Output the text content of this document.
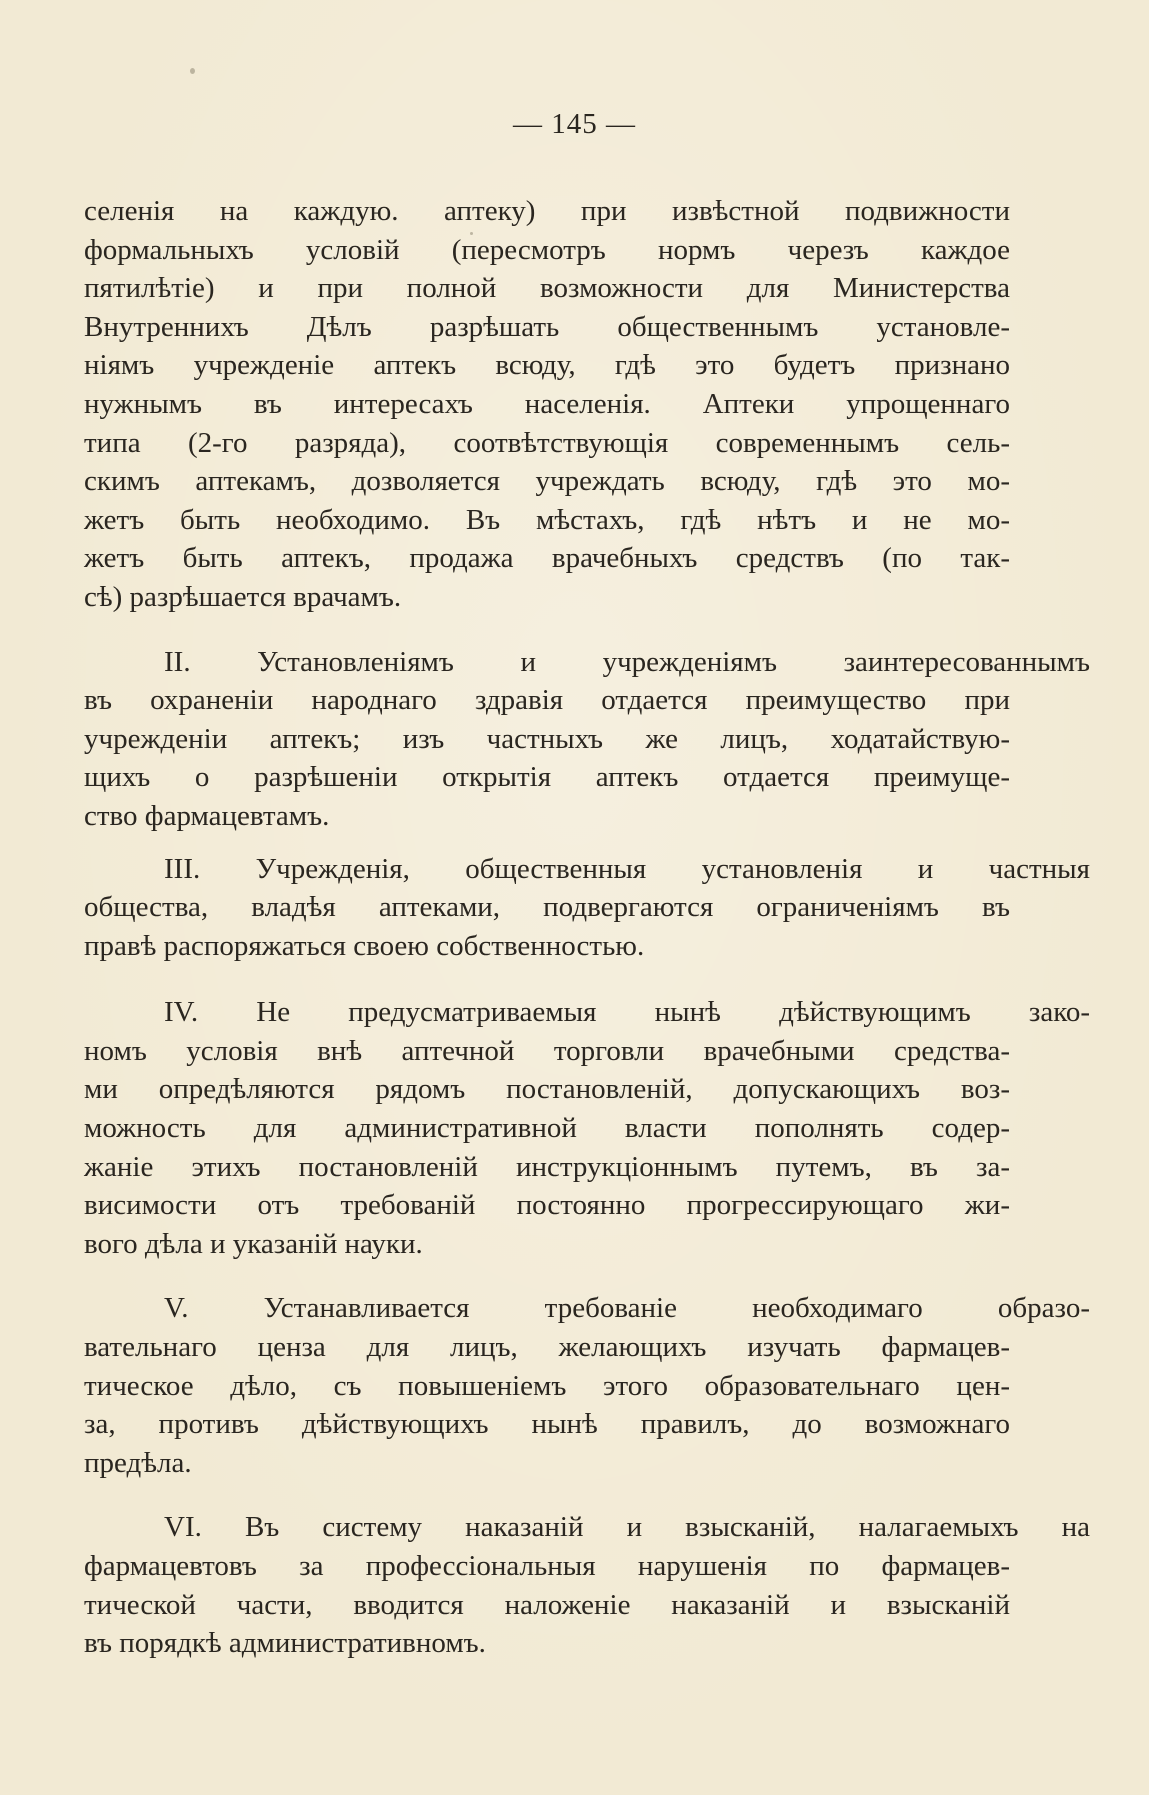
— 145 —

селенія на каждую. аптеку) при извѣстной подвижности
формальныхъ условій (пересмотръ нормъ черезъ каждое
пятилѣтіе) и при полной возможности для Министерства
Внутреннихъ Дѣлъ разрѣшать общественнымъ установле-
ніямъ учрежденіе аптекъ всюду, гдѣ это будетъ признано
нужнымъ въ интересахъ населенія. Аптеки упрощеннаго
типа (2-го разряда), соотвѣтствующія современнымъ сель-
скимъ аптекамъ, дозволяется учреждать всюду, гдѣ это мо-
жетъ быть необходимо. Въ мѣстахъ, гдѣ нѣтъ и не мо-
жетъ быть аптекъ, продажа врачебныхъ средствъ (по так-
сѣ) разрѣшается врачамъ.

II. Установленіямъ и учрежденіямъ заинтересованнымъ

въ охраненіи народнаго здравія отдается преимущество при
учрежденіи аптекъ; изъ частныхъ же лицъ, ходатайствую-
щихъ о разрѣшеніи открытія аптекъ отдается преимуще-
ство фармацевтамъ.

III. Учрежденія, общественныя установленія и частныя

общества, владѣя аптеками, подвергаются ограниченіямъ въ
правѣ распоряжаться своею собственностью.

IV. Не предусматриваемыя нынѣ дѣйствующимъ зако-

номъ условія внѣ аптечной торговли врачебными средства-
ми опредѣляются рядомъ постановленій, допускающихъ воз-
можность для административной власти пополнять содер-
жаніе этихъ постановленій инструкціоннымъ путемъ, въ за-
висимости отъ требованій постоянно прогрессирующаго жи-
вого дѣла и указаній науки.

V. Устанавливается требованіе необходимаго образо-

вательнаго ценза для лицъ, желающихъ изучать фармацев-
тическое дѣло, съ повышеніемъ этого образовательнаго цен-
за, противъ дѣйствующихъ нынѣ правилъ, до возможнаго
предѣла.

VI. Въ систему наказаній и взысканій, налагаемыхъ на

фармацевтовъ за профессіональныя нарушенія по фармацев-
тической части, вводится наложеніе наказаній и взысканій
въ порядкѣ административномъ.
